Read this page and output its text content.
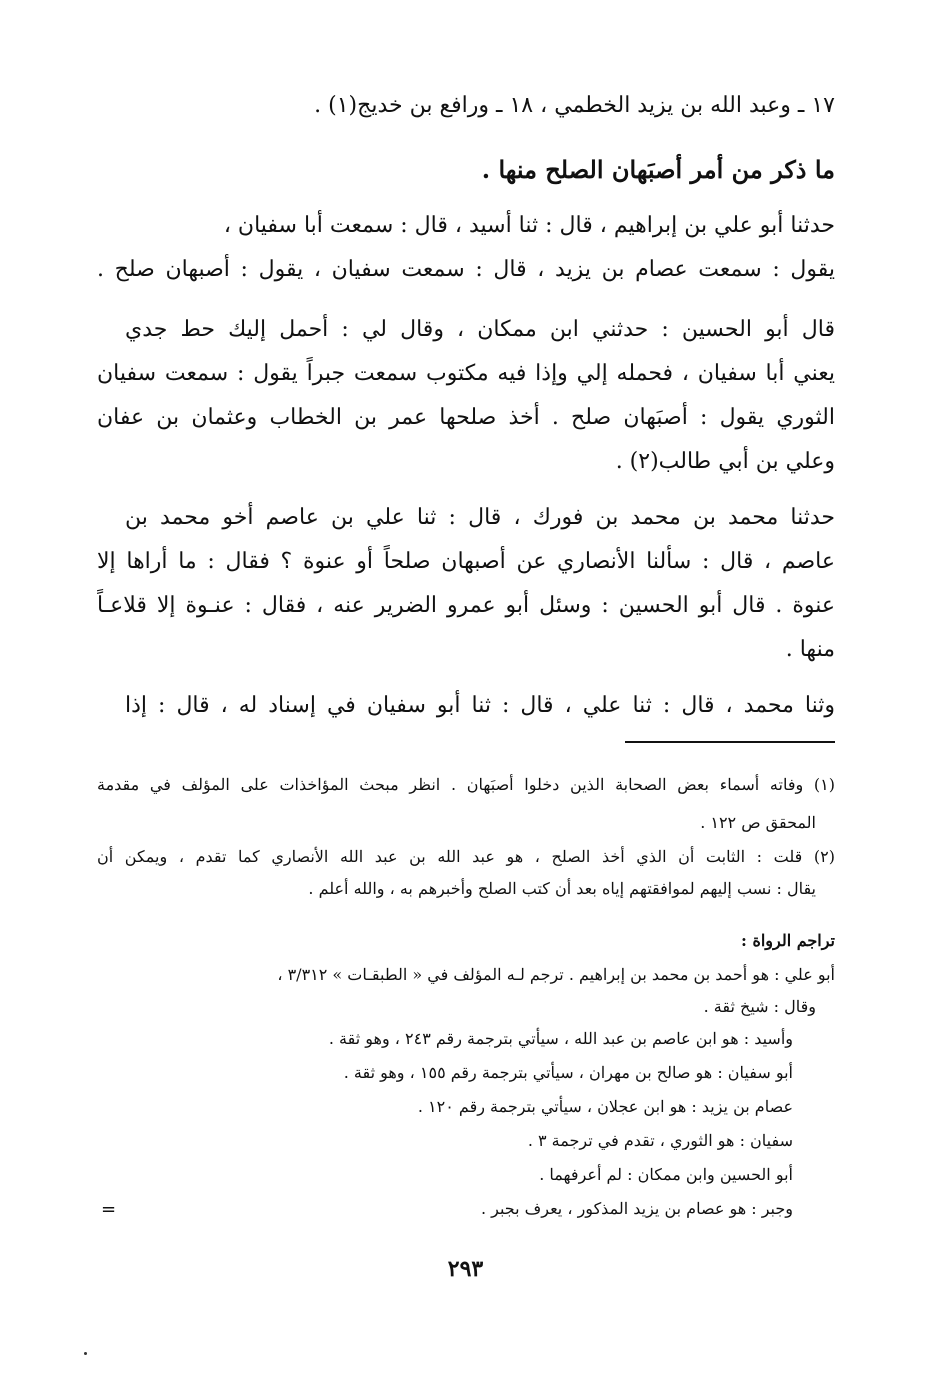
١٧ ـ وعبد الله بن يزيد الخطمي ، ١٨ ـ ورافع بن خديج(١) .
ما ذكر من أمر أصبَهان الصلح منها .
حدثنا أبو علي بن إبراهيم ، قال : ثنا أسيد ، قال : سمعت أبا سفيان ،
يقول : سمعت عصام بن يزيد ، قال : سمعت سفيان ، يقول : أصبهان صلح .
قال أبو الحسين : حدثني ابن ممكان ، وقال لي : أحمل إليك حط جدي
يعني أبا سفيان ، فحمله إلي وإذا فيه مكتوب سمعت جبراً يقول : سمعت سفيان
الثوري يقول : أصبَهان صلح . أخذ صلحها عمر بن الخطاب وعثمان بن عفان
وعلي بن أبي طالب(٢) .
حدثنا محمد بن محمد بن فورك ، قال : ثنا علي بن عاصم أخو محمد بن
عاصم ، قال : سألنا الأنصاري عن أصبهان صلحاً أو عنوة ؟ فقال : ما أراها إلا
عنوة . قال أبو الحسين : وسئل أبو عمرو الضرير عنه ، فقال : عنـوة إلا قلاعـاً
منها .
وثنا محمد ، قال : ثنا علي ، قال : ثنا أبو سفيان في إسناد له ، قال : إذا
(١) وفاته أسماء بعض الصحابة الذين دخلوا أصبَهان . انظر مبحث المؤاخذات على المؤلف في مقدمة
المحقق ص ١٢٢ .
(٢) قلت : الثابت أن الذي أخذ الصلح ، هو عبد الله بن عبد الله الأنصاري كما تقدم ، ويمكن أن
يقال : نسب إليهم لموافقتهم إياه بعد أن كتب الصلح وأخبرهم به ، والله أعلم .
تراجم الرواة :
أبو علي : هو أحمد بن محمد بن إبراهيم . ترجم لـه المؤلف في « الطبقـات » ٣/٣١٢ ،
وقال : شيخ ثقة .
وأسيد : هو ابن عاصم بن عبد الله ، سيأتي بترجمة رقم ٢٤٣ ، وهو ثقة .
أبو سفيان : هو صالح بن مهران ، سيأتي بترجمة رقم ١٥٥ ، وهو ثقة .
عصام بن يزيد : هو ابن عجلان ، سيأتي بترجمة رقم ١٢٠ .
سفيان : هو الثوري ، تقدم في ترجمة ٣ .
أبو الحسين وابن ممكان : لم أعرفهما .
وجبر : هو عصام بن يزيد المذكور ، يعرف بجبر .
=
٢٩٣
